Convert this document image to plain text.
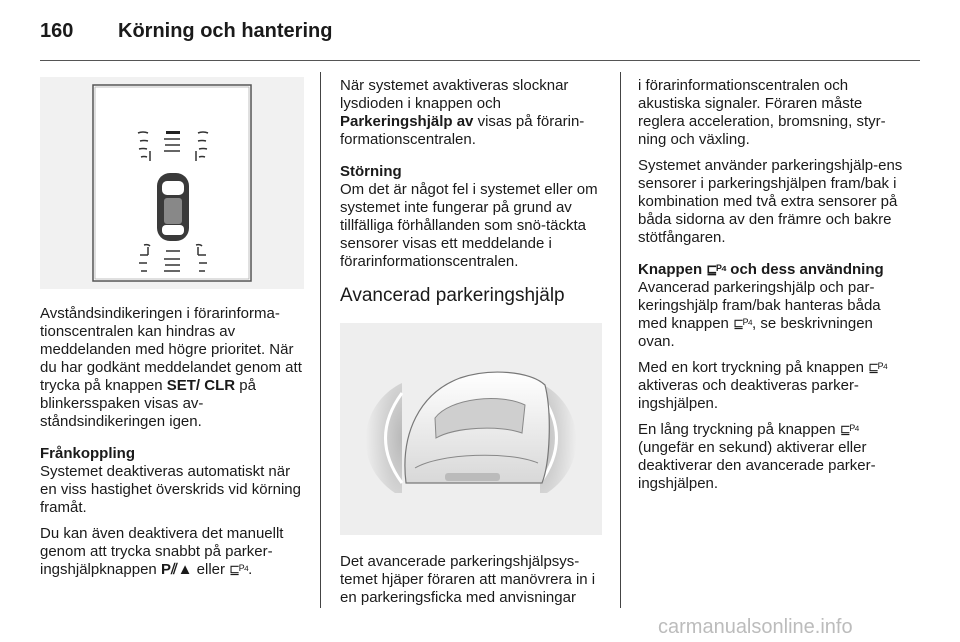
160 Körning och hantering

Avståndsindikeringen i förarinforma-tionscentralen kan hindras av meddelanden med högre prioritet. När du har godkänt meddelandet genom att trycka på knappen SET/ CLR på blinkersspaken visas av-ståndsindikeringen igen.

Frånkoppling

Systemet deaktiveras automatiskt när en viss hastighet överskrids vid körning framåt.

Du kan även deaktivera det manuellt genom att trycka snabbt på parker-ingshjälpknappen P⫽▲ eller ⊑ᴾ⁴.

När systemet avaktiveras slocknar lysdioden i knappen och Parkeringshjälp av visas på förarin-formationscentralen.

Störning

Om det är något fel i systemet eller om systemet inte fungerar på grund av tillfälliga förhållanden som snö-täckta sensorer visas ett meddelande i förarinformationscentralen.

Avancerad parkeringshjälp

Det avancerade parkeringshjälpsys-temet hjäper föraren att manövrera in i en parkeringsficka med anvisningar

i förarinformationscentralen och akustiska signaler. Föraren måste reglera acceleration, bromsning, styr-ning och växling.

Systemet använder parkeringshjälp-ens sensorer i parkeringshjälpen fram/bak i kombination med två extra sensorer på båda sidorna av den främre och bakre stötfångaren.

Knappen ⊑ᴾ⁴ och dess användning

Avancerad parkeringshjälp och par-keringshjälp fram/bak hanteras båda med knappen ⊑ᴾ⁴, se beskrivningen ovan.

Med en kort tryckning på knappen ⊑ᴾ⁴ aktiveras och deaktiveras parker-ingshjälpen.

En lång tryckning på knappen ⊑ᴾ⁴ (ungefär en sekund) aktiverar eller deaktiverar den avancerade parker-ingshjälpen.

carmanualsonline.info
